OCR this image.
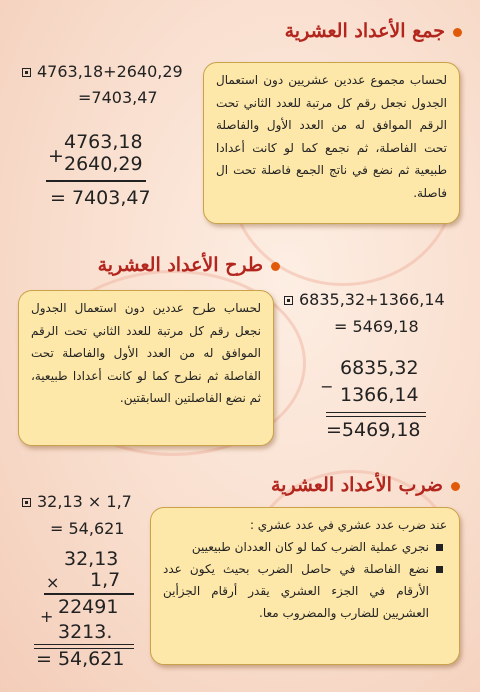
جمع الأعداد العشرية
4763,18+2640,29
=7403,47
4763,18
+ 2640,29
= 7403,47

لحساب مجموع عددين عشريين دون استعمال الجدول نجعل رقم كل مرتبة للعدد الثاني تحت الرقم الموافق له من العدد الأول والفاصلة تحت الفاصلة، ثم نجمع كما لو كانت أعدادا طبيعية ثم نضع في ناتج الجمع فاصلة تحت ال فاصلة.

طرح الأعداد العشرية

لحساب طرح عددين دون استعمال الجدول نجعل رقم كل مرتبة للعدد الثاني تحت الرقم الموافق له من العدد الأول والفاصلة تحت الفاصلة ثم نطرح كما لو كانت أعدادا طبيعية، ثم نضع الفاصلتين السابقتين.

6835,32+1366,14
= 5469,18
6835,32
_
1366,14
=5469,18
ضرب الأعداد العشرية
32,13 × 1,7
= 54,621
32,13
× 1,7
+ 22491
3213.
= 54,621

عند ضرب عدد عشري في عدد عشري :

نجري عملية الضرب كما لو كان العددان طبيعيين
نضع الفاصلة في حاصل الضرب بحيث يكون عدد الأرقام في الجزء العشري يقدر أرقام الجزأين العشريين للضارب والمضروب معا.
